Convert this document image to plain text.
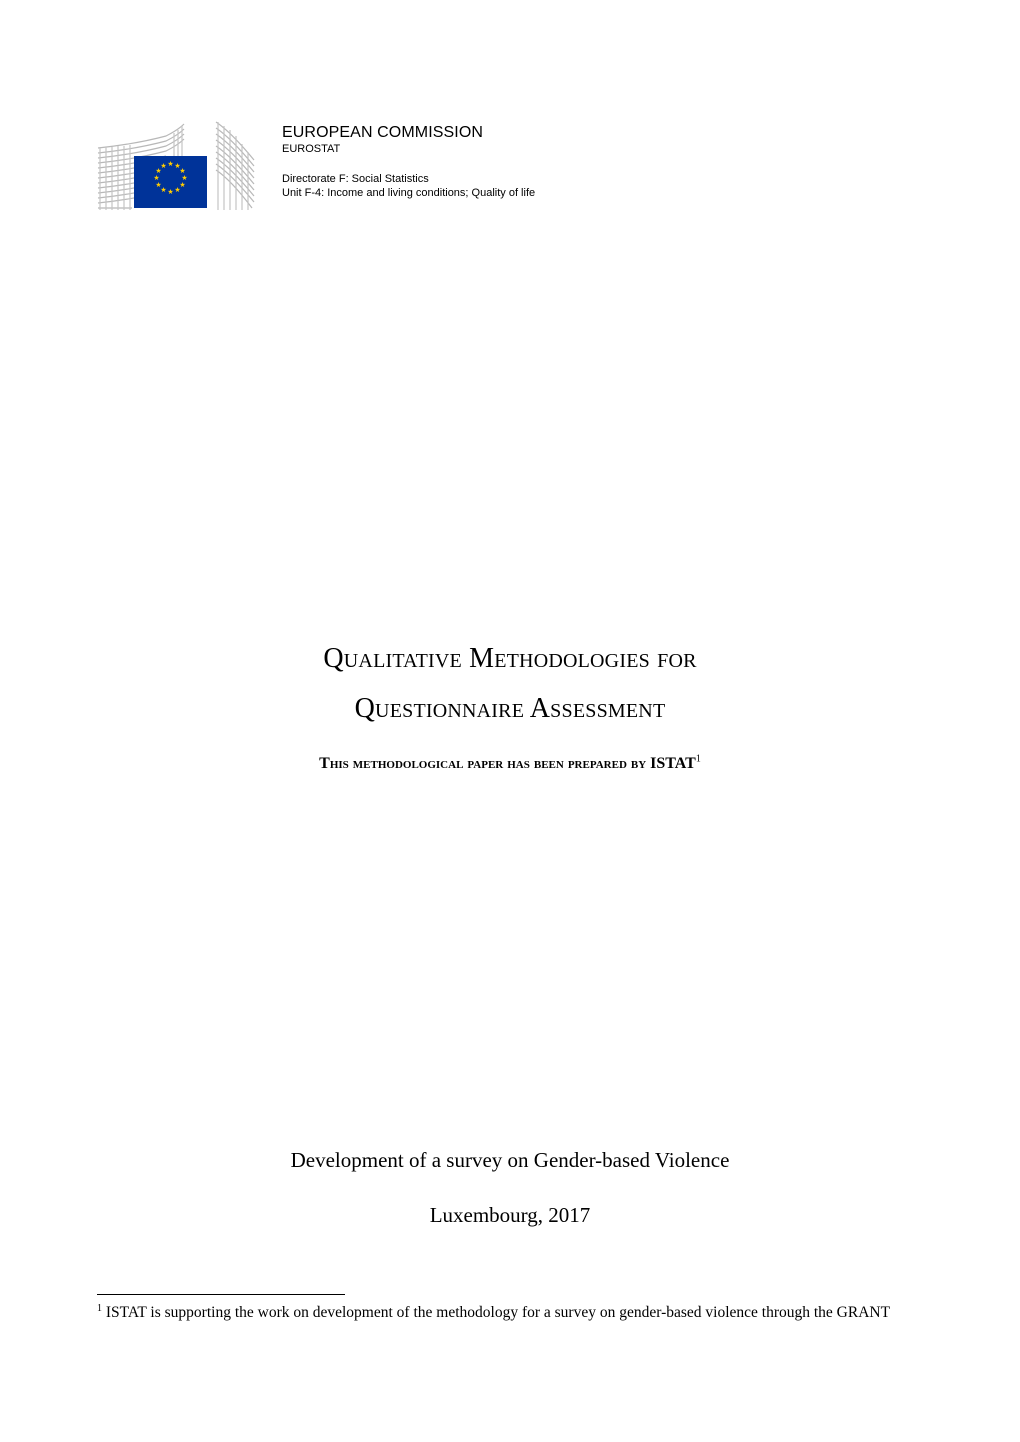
★ ★
★
★
★
★
★
★
★
★
★
★
EUROPEAN COMMISSION
EUROSTAT
Directorate F: Social Statistics
Unit F-4: Income and living conditions; Quality of life
Qualitative Methodologies for
Questionnaire Assessment
This methodological paper has been prepared by ISTAT$^1$
Development of a survey on Gender-based Violence
Luxembourg, 2017
$^1$ ISTAT is supporting the work on development of the methodology for a survey on gender-based violence through the GRANT
